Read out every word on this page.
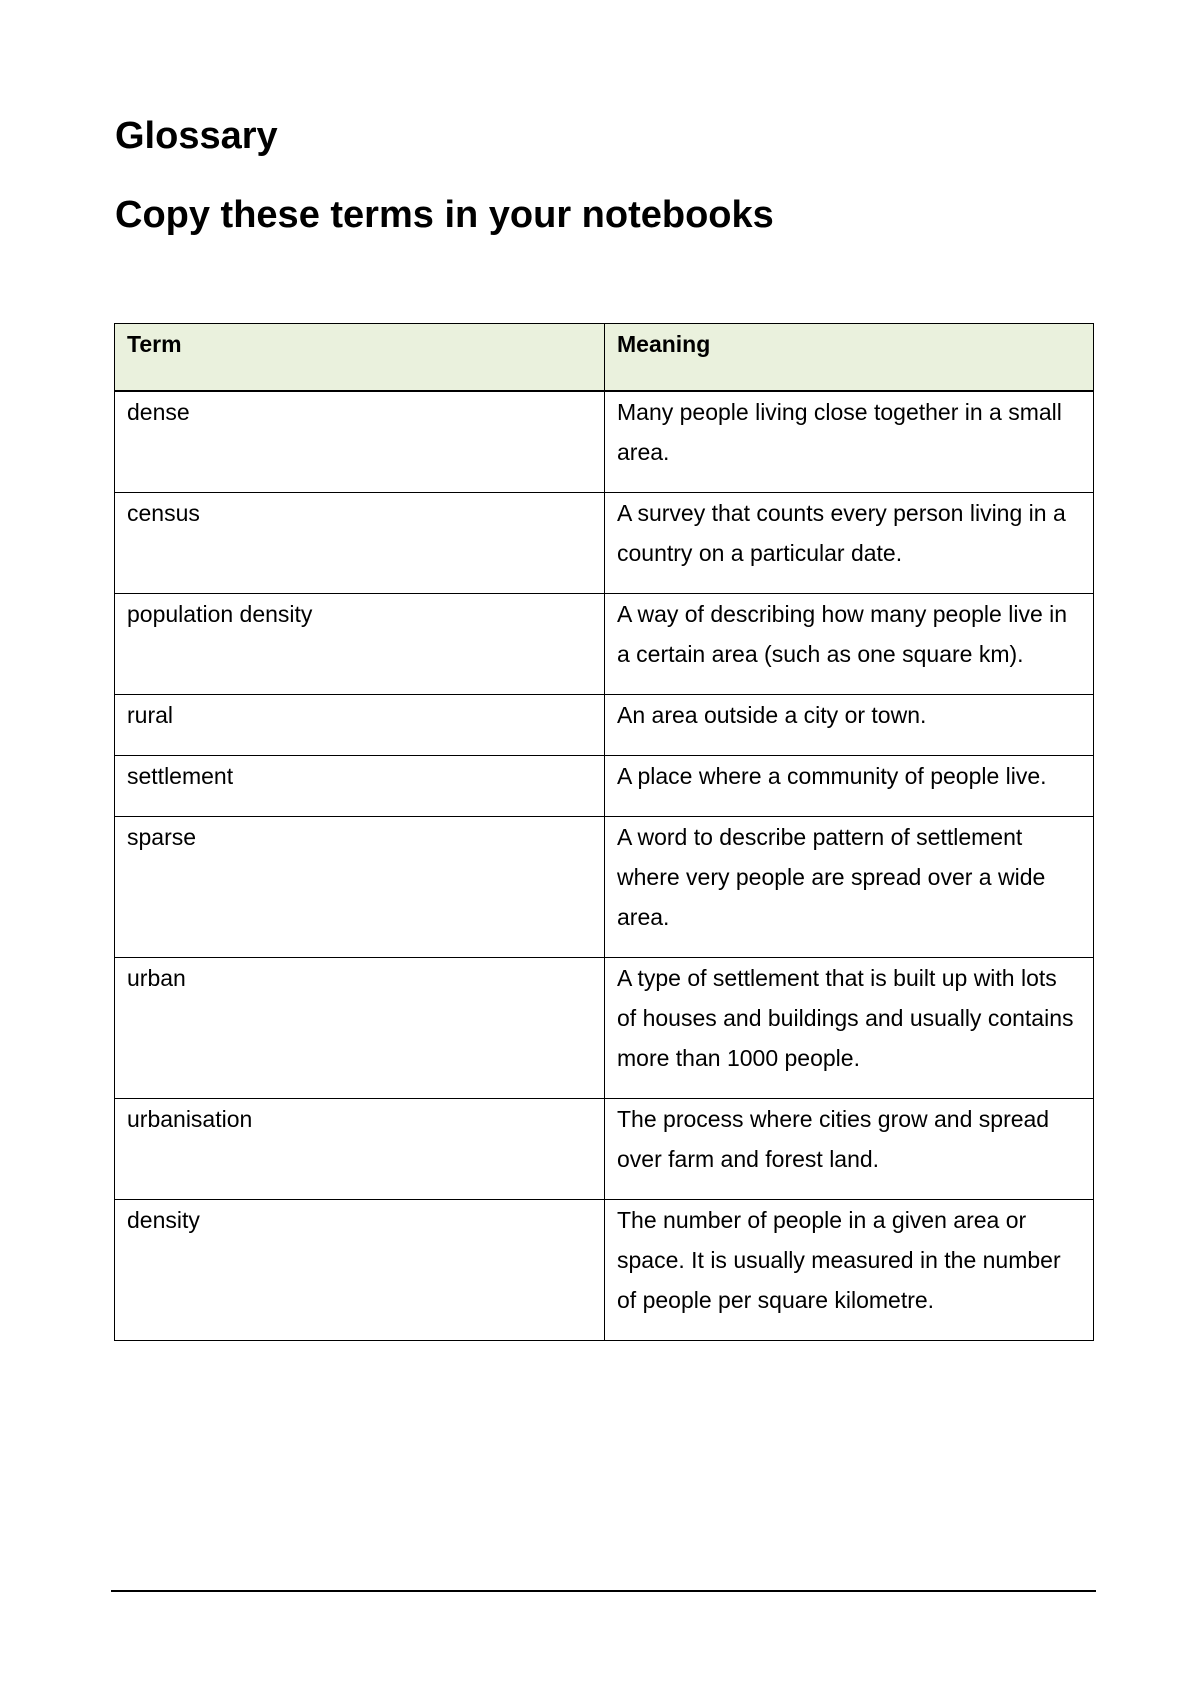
Glossary
Copy these terms in your notebooks
Term	Meaning
dense	Many people living close together in a small area.
census	A survey that counts every person living in a country on a particular date.
population density	A way of describing how many people live in a certain area (such as one square km).
rural	An area outside a city or town.
settlement	A place where a community of people live.
sparse	A word to describe pattern of settlement where very people are spread over a wide area.
urban	A type of settlement that is built up with lots of houses and buildings and usually contains more than 1000 people.
urbanisation	The process where cities grow and spread over farm and forest land.
density	The number of people in a given area or space. It is usually measured in the number of people per square kilometre.
